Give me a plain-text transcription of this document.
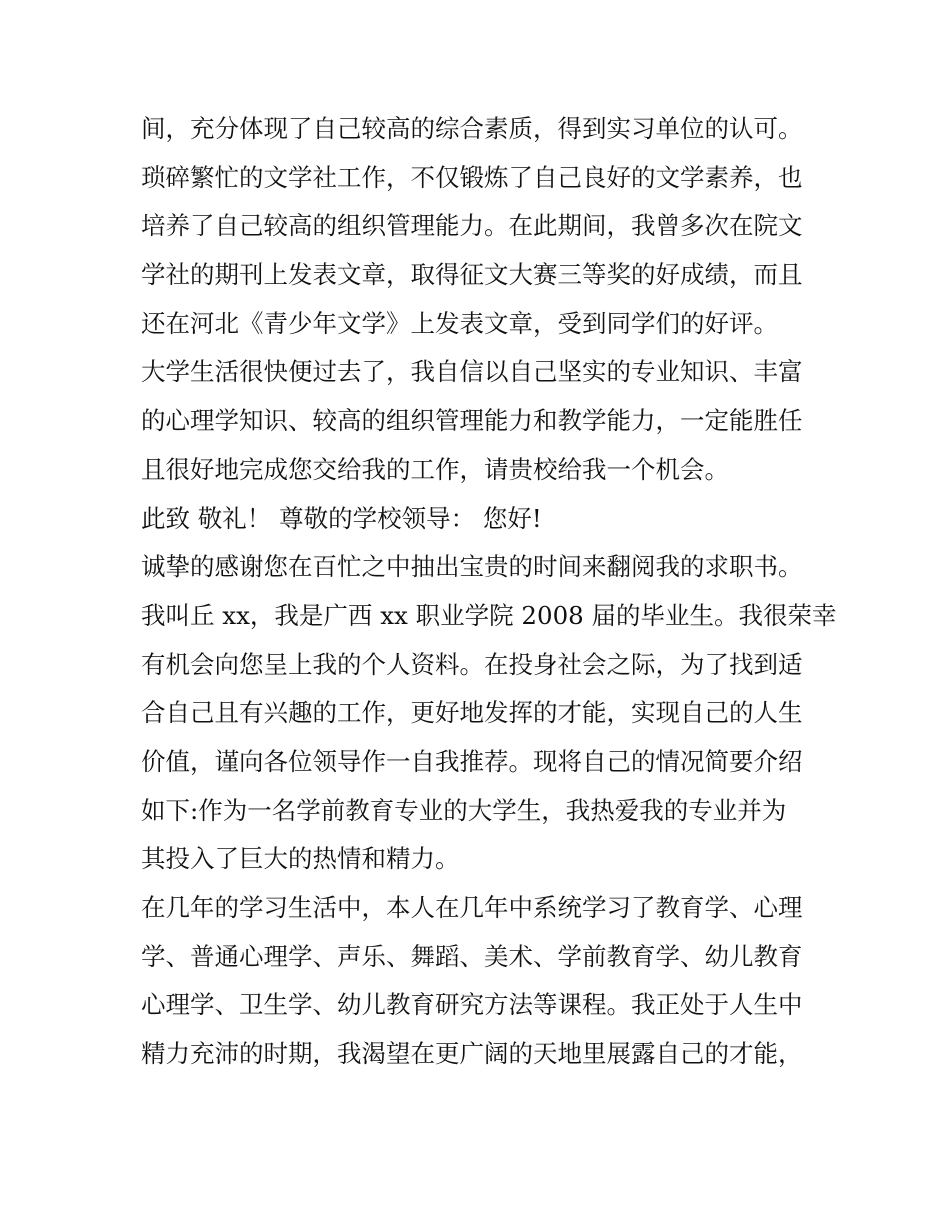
间，充分体现了自己较高的综合素质，得到实习单位的认可。
琐碎繁忙的文学社工作，不仅锻炼了自己良好的文学素养，也
培养了自己较高的组织管理能力。在此期间，我曾多次在院文
学社的期刊上发表文章，取得征文大赛三等奖的好成绩，而且
还在河北《青少年文学》上发表文章，受到同学们的好评。
大学生活很快便过去了，我自信以自己坚实的专业知识、丰富
的心理学知识、较高的组织管理能力和教学能力，一定能胜任
且很好地完成您交给我的工作，请贵校给我一个机会。
此致 敬礼！ 尊敬的学校领导： 您好!
诚挚的感谢您在百忙之中抽出宝贵的时间来翻阅我的求职书。
我叫丘 xx，我是广西 xx 职业学院 2008 届的毕业生。我很荣幸
有机会向您呈上我的个人资料。在投身社会之际，为了找到适
合自己且有兴趣的工作，更好地发挥的才能，实现自己的人生
价值，谨向各位领导作一自我推荐。现将自己的情况简要介绍
如下:作为一名学前教育专业的大学生，我热爱我的专业并为
其投入了巨大的热情和精力。
在几年的学习生活中，本人在几年中系统学习了教育学、心理
学、普通心理学、声乐、舞蹈、美术、学前教育学、幼儿教育
心理学、卫生学、幼儿教育研究方法等课程。我正处于人生中
精力充沛的时期，我渴望在更广阔的天地里展露自己的才能，
